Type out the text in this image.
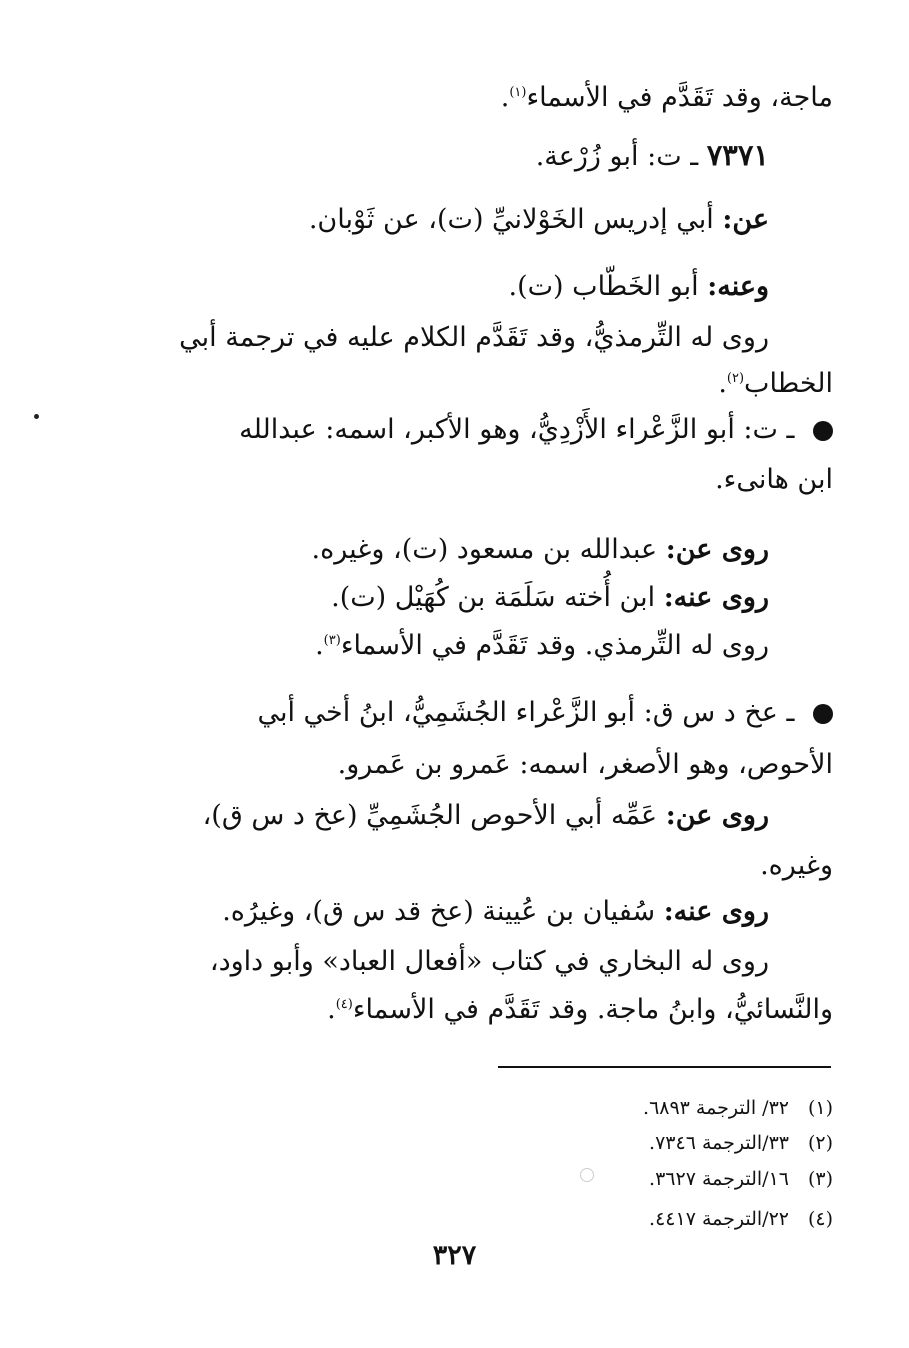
ماجة، وقد تَقَدَّم في الأسماء$^{(١)}$.
٧٣٧١ ـ ت: أبو زُرْعة.
عن: أبي إدريس الخَوْلانيِّ (ت)، عن ثَوْبان.
وعنه: أبو الخَطّاب (ت).
روى له التِّرمذيُّ، وقد تَقَدَّم الكلام عليه في ترجمة أبي
الخطاب$^{(٢)}$.
ـ ت: أبو الزَّعْراء الأَزْدِيُّ، وهو الأكبر، اسمه: عبدالله
ابن هانىء.
روى عن: عبدالله بن مسعود (ت)، وغيره.
روى عنه: ابن أُخته سَلَمَة بن كُهَيْل (ت).
روى له التِّرمذي. وقد تَقَدَّم في الأسماء$^{(٣)}$.
ـ عخ د س ق: أبو الزَّعْراء الجُشَمِيُّ، ابنُ أخي أبي
الأحوص، وهو الأصغر، اسمه: عَمرو بن عَمرو.
روى عن: عَمِّه أبي الأحوص الجُشَمِيِّ (عخ د س ق)،
وغيره.
روى عنه: سُفيان بن عُيينة (عخ قد س ق)، وغيرُه.
روى له البخاري في كتاب «أفعال العباد» وأبو داود،
والنَّسائيُّ، وابنُ ماجة. وقد تَقَدَّم في الأسماء$^{(٤)}$.
(١)٣٢/ الترجمة ٦٨٩٣.
(٢)٣٣/الترجمة ٧٣٤٦.
(٣)١٦/الترجمة ٣٦٢٧.
(٤)٢٢/الترجمة ٤٤١٧.
٣٢٧
